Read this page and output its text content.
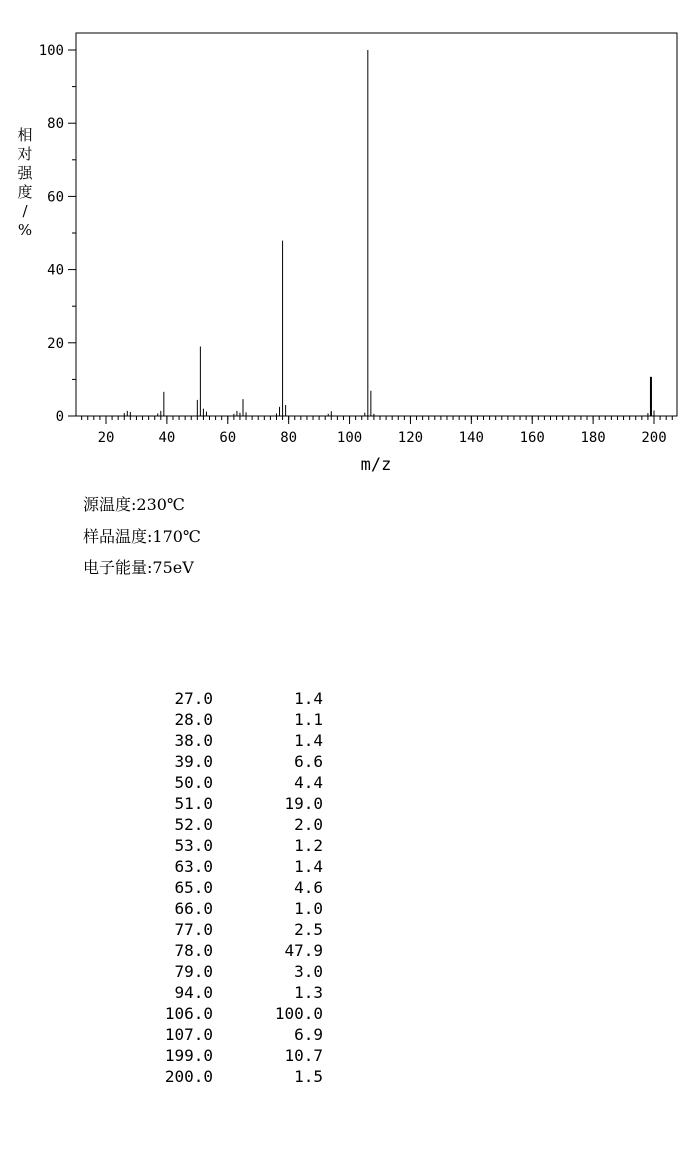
20	40	60	80	100	120	140	160	180	200
0
20
40
60
80
100
m/z
相对强度/ %
源温度:230℃
样品温度:170℃
电子能量:75eV
27.0	1.4
28.0	1.1
38.0	1.4
39.0	6.6
50.0	4.4
51.0	19.0
52.0	2.0
53.0	1.2
63.0	1.4
65.0	4.6
66.0	1.0
77.0	2.5
78.0	47.9
79.0	3.0
94.0	1.3
106.0	100.0
107.0	6.9
199.0	10.7
200.0	1.5
